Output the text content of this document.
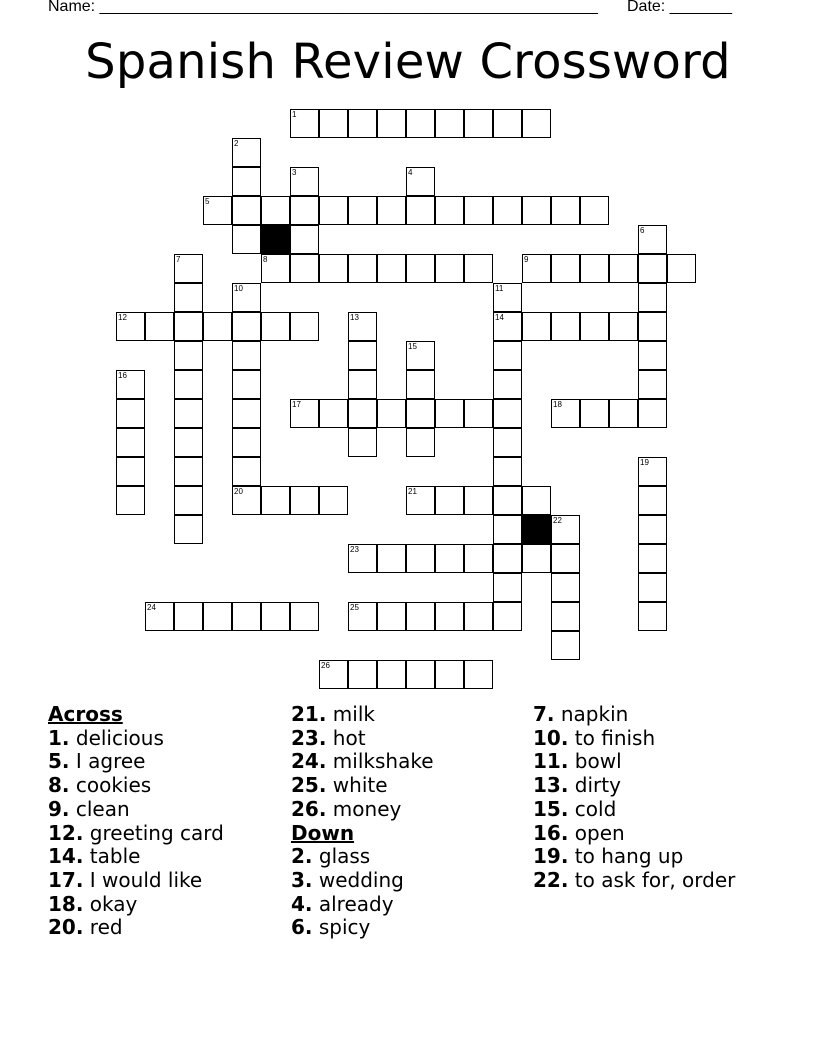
Name: ________________________________________________________ Date: _______
Spanish Review Crossword
1
2
3	4
5
6
7	8	9
10	11
12	13	14
15
16
17	18
19
20	21
22
23
24	25
26
Across
1. delicious
5. I agree
8. cookies
9. clean
12. greeting card
14. table
17. I would like
18. okay
20. red
21. milk
23. hot
24. milkshake
25. white
26. money
Down
2. glass
3. wedding
4. already
6. spicy
7. napkin
10. to finish
11. bowl
13. dirty
15. cold
16. open
19. to hang up
22. to ask for, order
